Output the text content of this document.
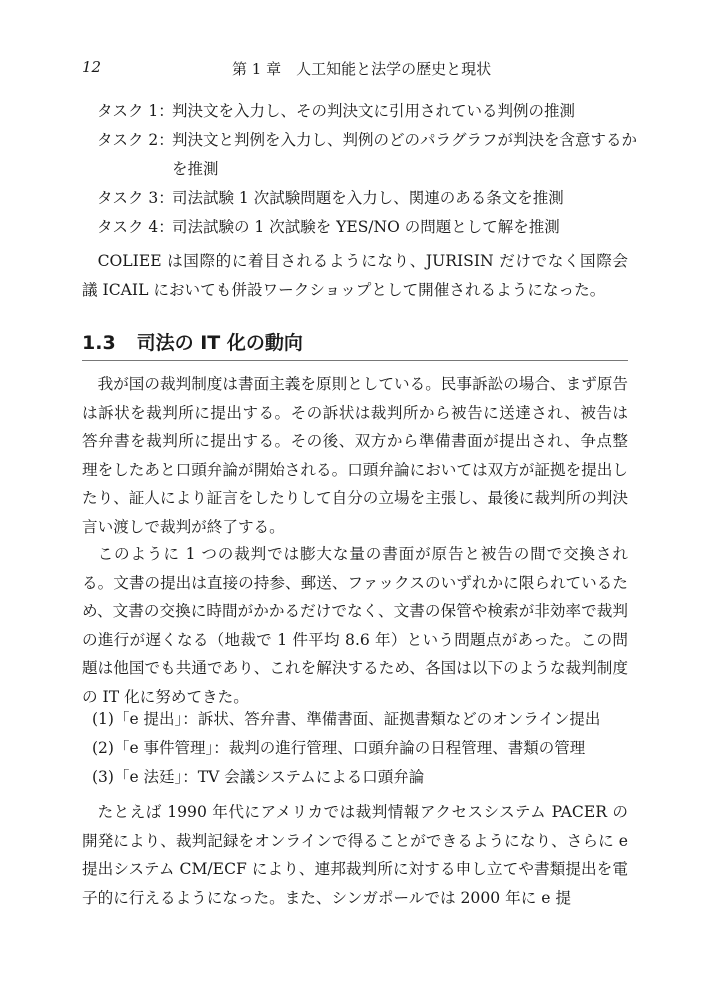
12	第 1 章　人工知能と法学の歴史と現状
タスク 1：
判決文を入力し、その判決文に引用されている判例の推測
タスク 2：
判決文と判例を入力し、判例のどのパラグラフが判決を含意するかを推測
タスク 3：
司法試験 1 次試験問題を入力し、関連のある条文を推測
タスク 4：
司法試験の 1 次試験を YES/NO の問題として解を推測

COLIEE は国際的に着目されるようになり、JURISIN だけでなく国際会議 ICAIL においても併設ワークショップとして開催されるようになった。

1.3 司法の IT 化の動向

我が国の裁判制度は書面主義を原則としている。民事訴訟の場合、まず原告は訴状を裁判所に提出する。その訴状は裁判所から被告に送達され、被告は答弁書を裁判所に提出する。その後、双方から準備書面が提出され、争点整理をしたあと口頭弁論が開始される。口頭弁論においては双方が証拠を提出したり、証人により証言をしたりして自分の立場を主張し、最後に裁判所の判決言い渡しで裁判が終了する。

このように 1 つの裁判では膨大な量の書面が原告と被告の間で交換される。文書の提出は直接の持参、郵送、ファックスのいずれかに限られているため、文書の交換に時間がかかるだけでなく、文書の保管や検索が非効率で裁判の進行が遅くなる（地裁で 1 件平均 8.6 年）という問題点があった。この問題は他国でも共通であり、これを解決するため、各国は以下のような裁判制度の IT 化に努めてきた。

(1)「e 提出」：訴状、答弁書、準備書面、証拠書類などのオンライン提出
(2)「e 事件管理」：裁判の進行管理、口頭弁論の日程管理、書類の管理
(3)「e 法廷」：TV 会議システムによる口頭弁論

たとえば 1990 年代にアメリカでは裁判情報アクセスシステム PACER の開発により、裁判記録をオンラインで得ることができるようになり、さらに e 提出システム CM/ECF により、連邦裁判所に対する申し立てや書類提出を電子的に行えるようになった。また、シンガポールでは 2000 年に e 提
